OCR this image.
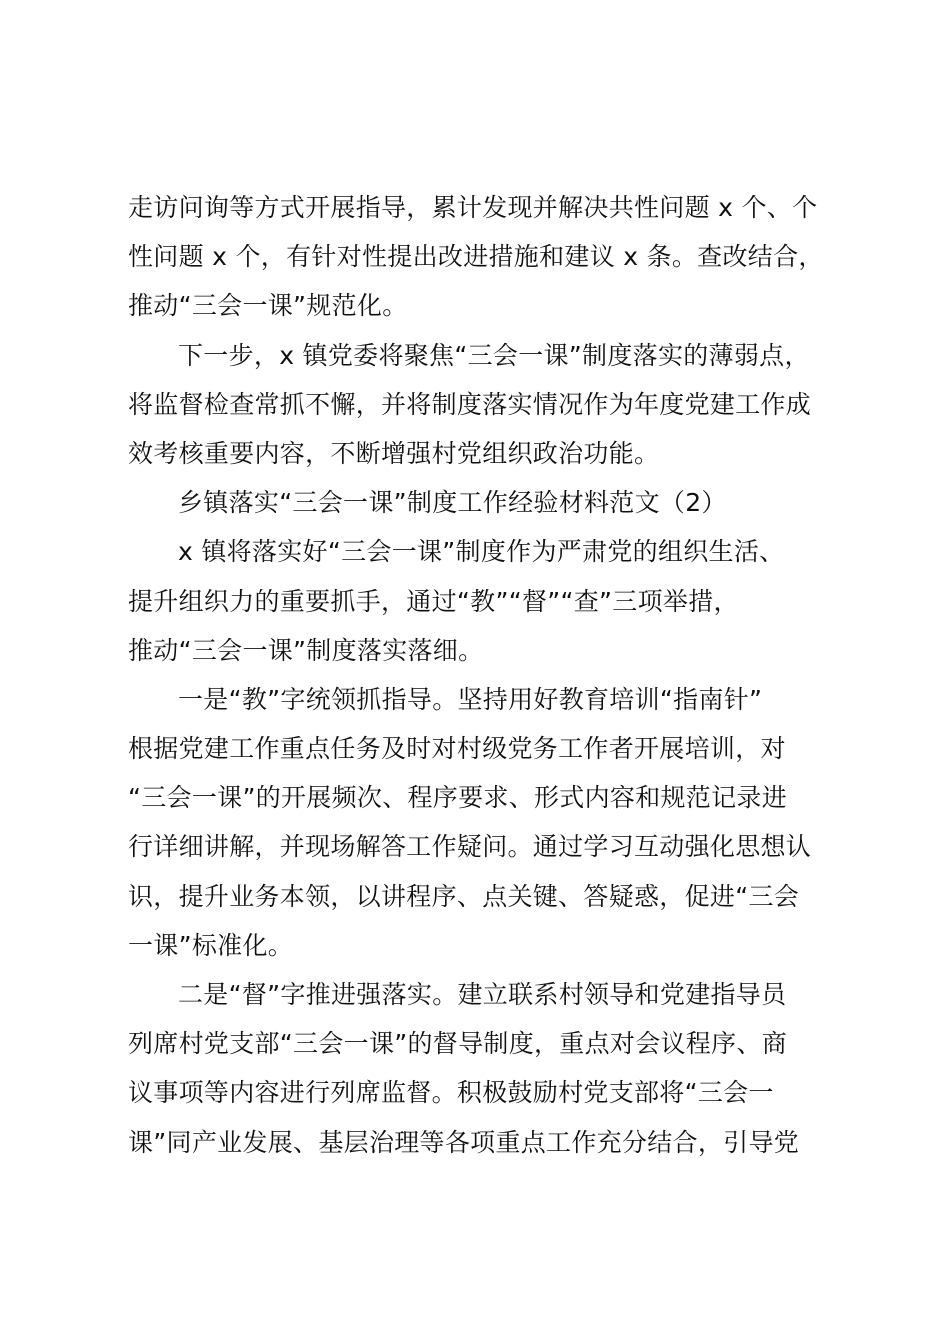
走访问询等方式开展指导，累计发现并解决共性问题 x 个、个
性问题 x 个，有针对性提出改进措施和建议 x 条。查改结合，
推动“三会一课”规范化。
下一步，x 镇党委将聚焦“三会一课”制度落实的薄弱点，
将监督检查常抓不懈，并将制度落实情况作为年度党建工作成
效考核重要内容，不断增强村党组织政治功能。
乡镇落实“三会一课”制度工作经验材料范文（2）
x 镇将落实好“三会一课”制度作为严肃党的组织生活、
提升组织力的重要抓手，通过“教”“督”“查”三项举措，
推动“三会一课”制度落实落细。
一是“教”字统领抓指导。坚持用好教育培训“指南针”
根据党建工作重点任务及时对村级党务工作者开展培训，对
“三会一课”的开展频次、程序要求、形式内容和规范记录进
行详细讲解，并现场解答工作疑问。通过学习互动强化思想认
识，提升业务本领，以讲程序、点关键、答疑惑，促进“三会
一课”标准化。
二是“督”字推进强落实。建立联系村领导和党建指导员
列席村党支部“三会一课”的督导制度，重点对会议程序、商
议事项等内容进行列席监督。积极鼓励村党支部将“三会一
课”同产业发展、基层治理等各项重点工作充分结合，引导党
